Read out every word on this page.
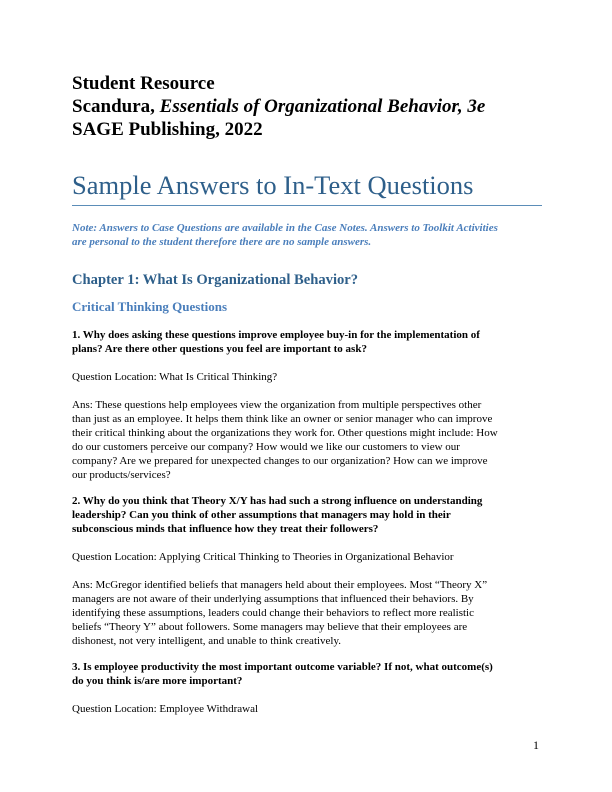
Student Resource
Scandura, Essentials of Organizational Behavior, 3e
SAGE Publishing, 2022
Sample Answers to In-Text Questions
Note: Answers to Case Questions are available in the Case Notes. Answers to Toolkit Activities
are personal to the student therefore there are no sample answers.
Chapter 1: What Is Organizational Behavior?
Critical Thinking Questions
1. Why does asking these questions improve employee buy-in for the implementation of
plans? Are there other questions you feel are important to ask?
Question Location: What Is Critical Thinking?
Ans: These questions help employees view the organization from multiple perspectives other
than just as an employee. It helps them think like an owner or senior manager who can improve
their critical thinking about the organizations they work for. Other questions might include: How
do our customers perceive our company? How would we like our customers to view our
company? Are we prepared for unexpected changes to our organization? How can we improve
our products/services?
2. Why do you think that Theory X/Y has had such a strong influence on understanding
leadership? Can you think of other assumptions that managers may hold in their
subconscious minds that influence how they treat their followers?
Question Location: Applying Critical Thinking to Theories in Organizational Behavior
Ans: McGregor identified beliefs that managers held about their employees. Most “Theory X”
managers are not aware of their underlying assumptions that influenced their behaviors. By
identifying these assumptions, leaders could change their behaviors to reflect more realistic
beliefs “Theory Y” about followers. Some managers may believe that their employees are
dishonest, not very intelligent, and unable to think creatively.
3. Is employee productivity the most important outcome variable? If not, what outcome(s)
do you think is/are more important?
Question Location: Employee Withdrawal
1
